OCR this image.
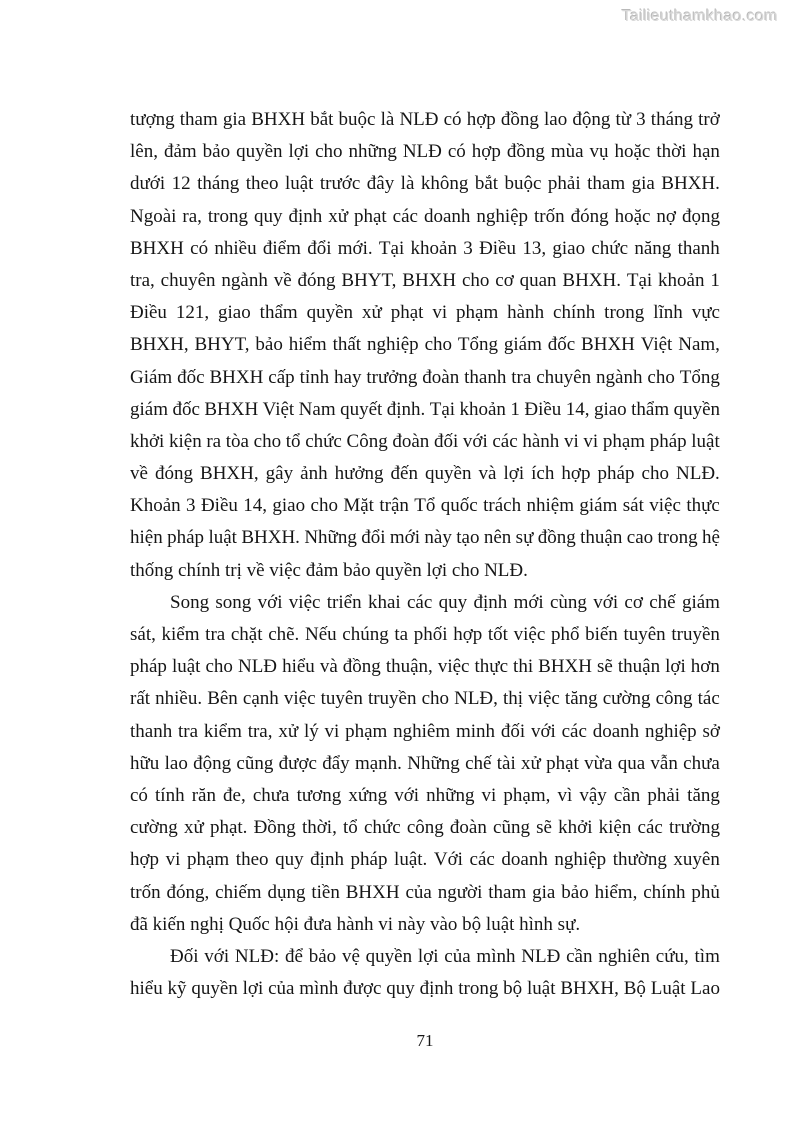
Tailieuthamkhao.com
tượng tham gia BHXH bắt buộc là NLĐ có hợp đồng lao động từ 3 tháng trở
lên, đảm bảo quyền lợi cho những NLĐ có hợp đồng mùa vụ hoặc thời hạn
dưới 12 tháng theo luật trước đây là không bắt buộc phải tham gia BHXH.
Ngoài ra, trong quy định xử phạt các doanh nghiệp trốn đóng hoặc nợ đọng
BHXH có nhiều điểm đổi mới. Tại khoản 3 Điều 13, giao chức năng thanh
tra, chuyên ngành về đóng BHYT, BHXH cho cơ quan BHXH. Tại khoản 1
Điều 121, giao thẩm quyền xử phạt vi phạm hành chính trong lĩnh vực
BHXH, BHYT, bảo hiểm thất nghiệp cho Tổng giám đốc BHXH Việt Nam,
Giám đốc BHXH cấp tỉnh hay trưởng đoàn thanh tra chuyên ngành cho Tổng
giám đốc BHXH Việt Nam quyết định. Tại khoản 1 Điều 14, giao thẩm quyền
khởi kiện ra tòa cho tổ chức Công đoàn đối với các hành vi vi phạm pháp luật
về đóng BHXH, gây ảnh hưởng đến quyền và lợi ích hợp pháp cho NLĐ.
Khoản 3 Điều 14, giao cho Mặt trận Tổ quốc trách nhiệm giám sát việc thực
hiện pháp luật BHXH. Những đổi mới này tạo nên sự đồng thuận cao trong hệ
thống chính trị về việc đảm bảo quyền lợi cho NLĐ.
Song song với việc triển khai các quy định mới cùng với cơ chế giám
sát, kiểm tra chặt chẽ. Nếu chúng ta phối hợp tốt việc phổ biến tuyên truyền
pháp luật cho NLĐ hiểu và đồng thuận, việc thực thi BHXH sẽ thuận lợi hơn
rất nhiều. Bên cạnh việc tuyên truyền cho NLĐ, thị việc tăng cường công tác
thanh tra kiểm tra, xử lý vi phạm nghiêm minh đối với các doanh nghiệp sở
hữu lao động cũng được đẩy mạnh. Những chế tài xử phạt vừa qua vẫn chưa
có tính răn đe, chưa tương xứng với những vi phạm, vì vậy cần phải tăng
cường xử phạt. Đồng thời, tổ chức công đoàn cũng sẽ khởi kiện các trường
hợp vi phạm theo quy định pháp luật. Với các doanh nghiệp thường xuyên
trốn đóng, chiếm dụng tiền BHXH của người tham gia bảo hiểm, chính phủ
đã kiến nghị Quốc hội đưa hành vi này vào bộ luật hình sự.
Đối với NLĐ: để bảo vệ quyền lợi của mình NLĐ cần nghiên cứu, tìm
hiểu kỹ quyền lợi của mình được quy định trong bộ luật BHXH, Bộ Luật Lao
71
